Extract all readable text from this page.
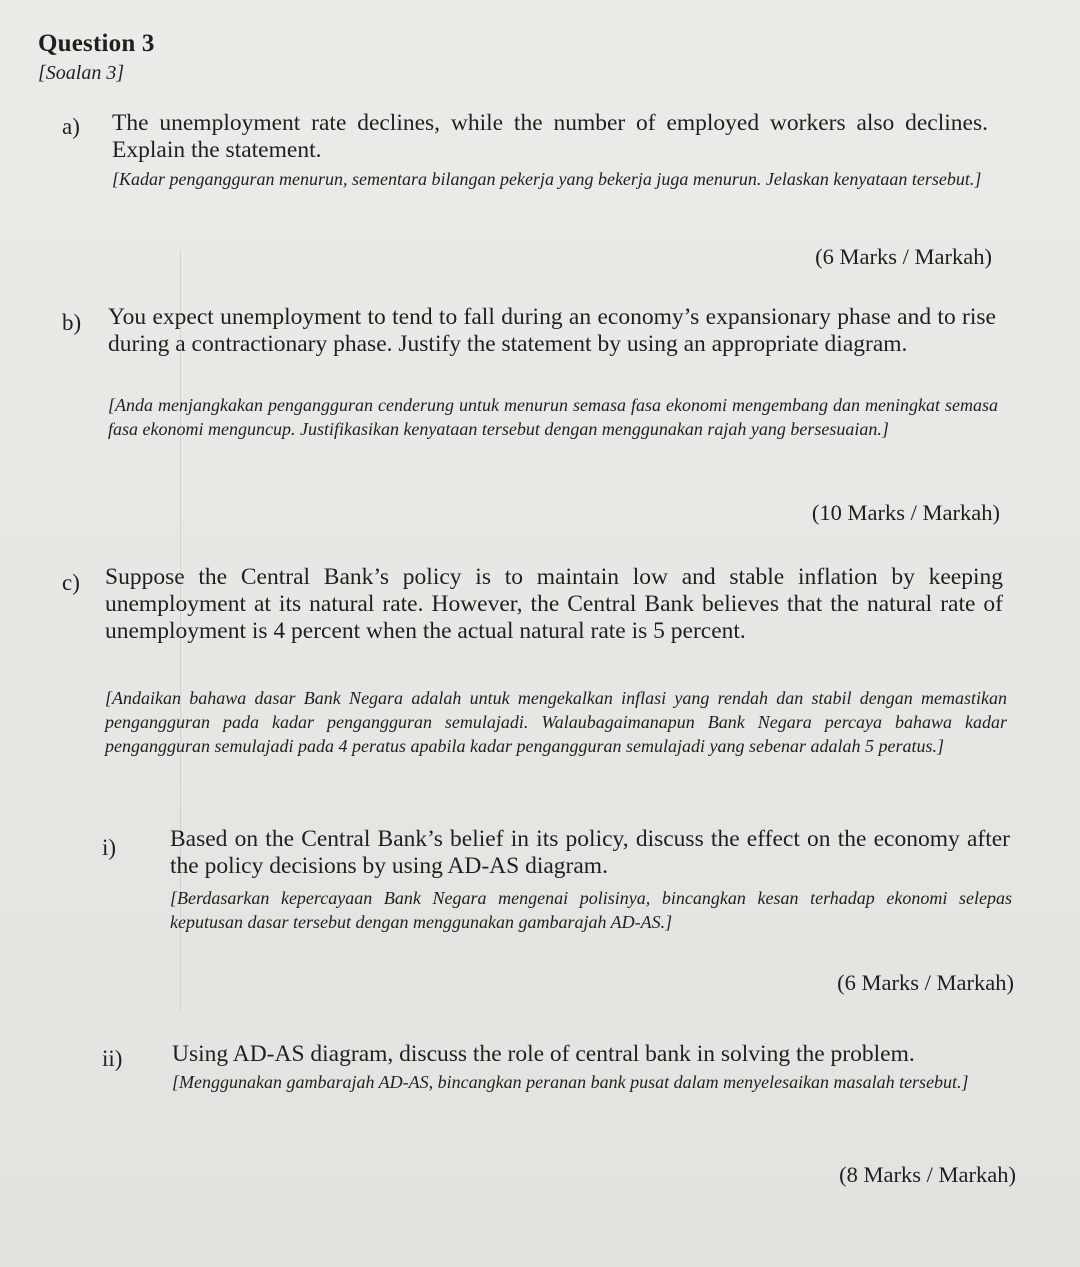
Question 3
[Soalan 3]
a) The unemployment rate declines, while the number of employed workers also declines. Explain the statement.
[Kadar pengangguran menurun, sementara bilangan pekerja yang bekerja juga menurun. Jelaskan kenyataan tersebut.]
(6 Marks / Markah)
b) You expect unemployment to tend to fall during an economy’s expansionary phase and to rise during a contractionary phase. Justify the statement by using an appropriate diagram.
[Anda menjangkakan pengangguran cenderung untuk menurun semasa fasa ekonomi mengembang dan meningkat semasa fasa ekonomi menguncup. Justifikasikan kenyataan tersebut dengan menggunakan rajah yang bersesuaian.]
(10 Marks / Markah)
c) Suppose the Central Bank’s policy is to maintain low and stable inflation by keeping unemployment at its natural rate. However, the Central Bank believes that the natural rate of unemployment is 4 percent when the actual natural rate is 5 percent.
[Andaikan bahawa dasar Bank Negara adalah untuk mengekalkan inflasi yang rendah dan stabil dengan memastikan pengangguran pada kadar pengangguran semulajadi. Walaubagaimanapun Bank Negara percaya bahawa kadar pengangguran semulajadi pada 4 peratus apabila kadar pengangguran semulajadi yang sebenar adalah 5 peratus.]
i) Based on the Central Bank’s belief in its policy, discuss the effect on the economy after the policy decisions by using AD-AS diagram.
[Berdasarkan kepercayaan Bank Negara mengenai polisinya, bincangkan kesan terhadap ekonomi selepas keputusan dasar tersebut dengan menggunakan gambarajah AD-AS.]
(6 Marks / Markah)
ii) Using AD-AS diagram, discuss the role of central bank in solving the problem.
[Menggunakan gambarajah AD-AS, bincangkan peranan bank pusat dalam menyelesaikan masalah tersebut.]
(8 Marks / Markah)
